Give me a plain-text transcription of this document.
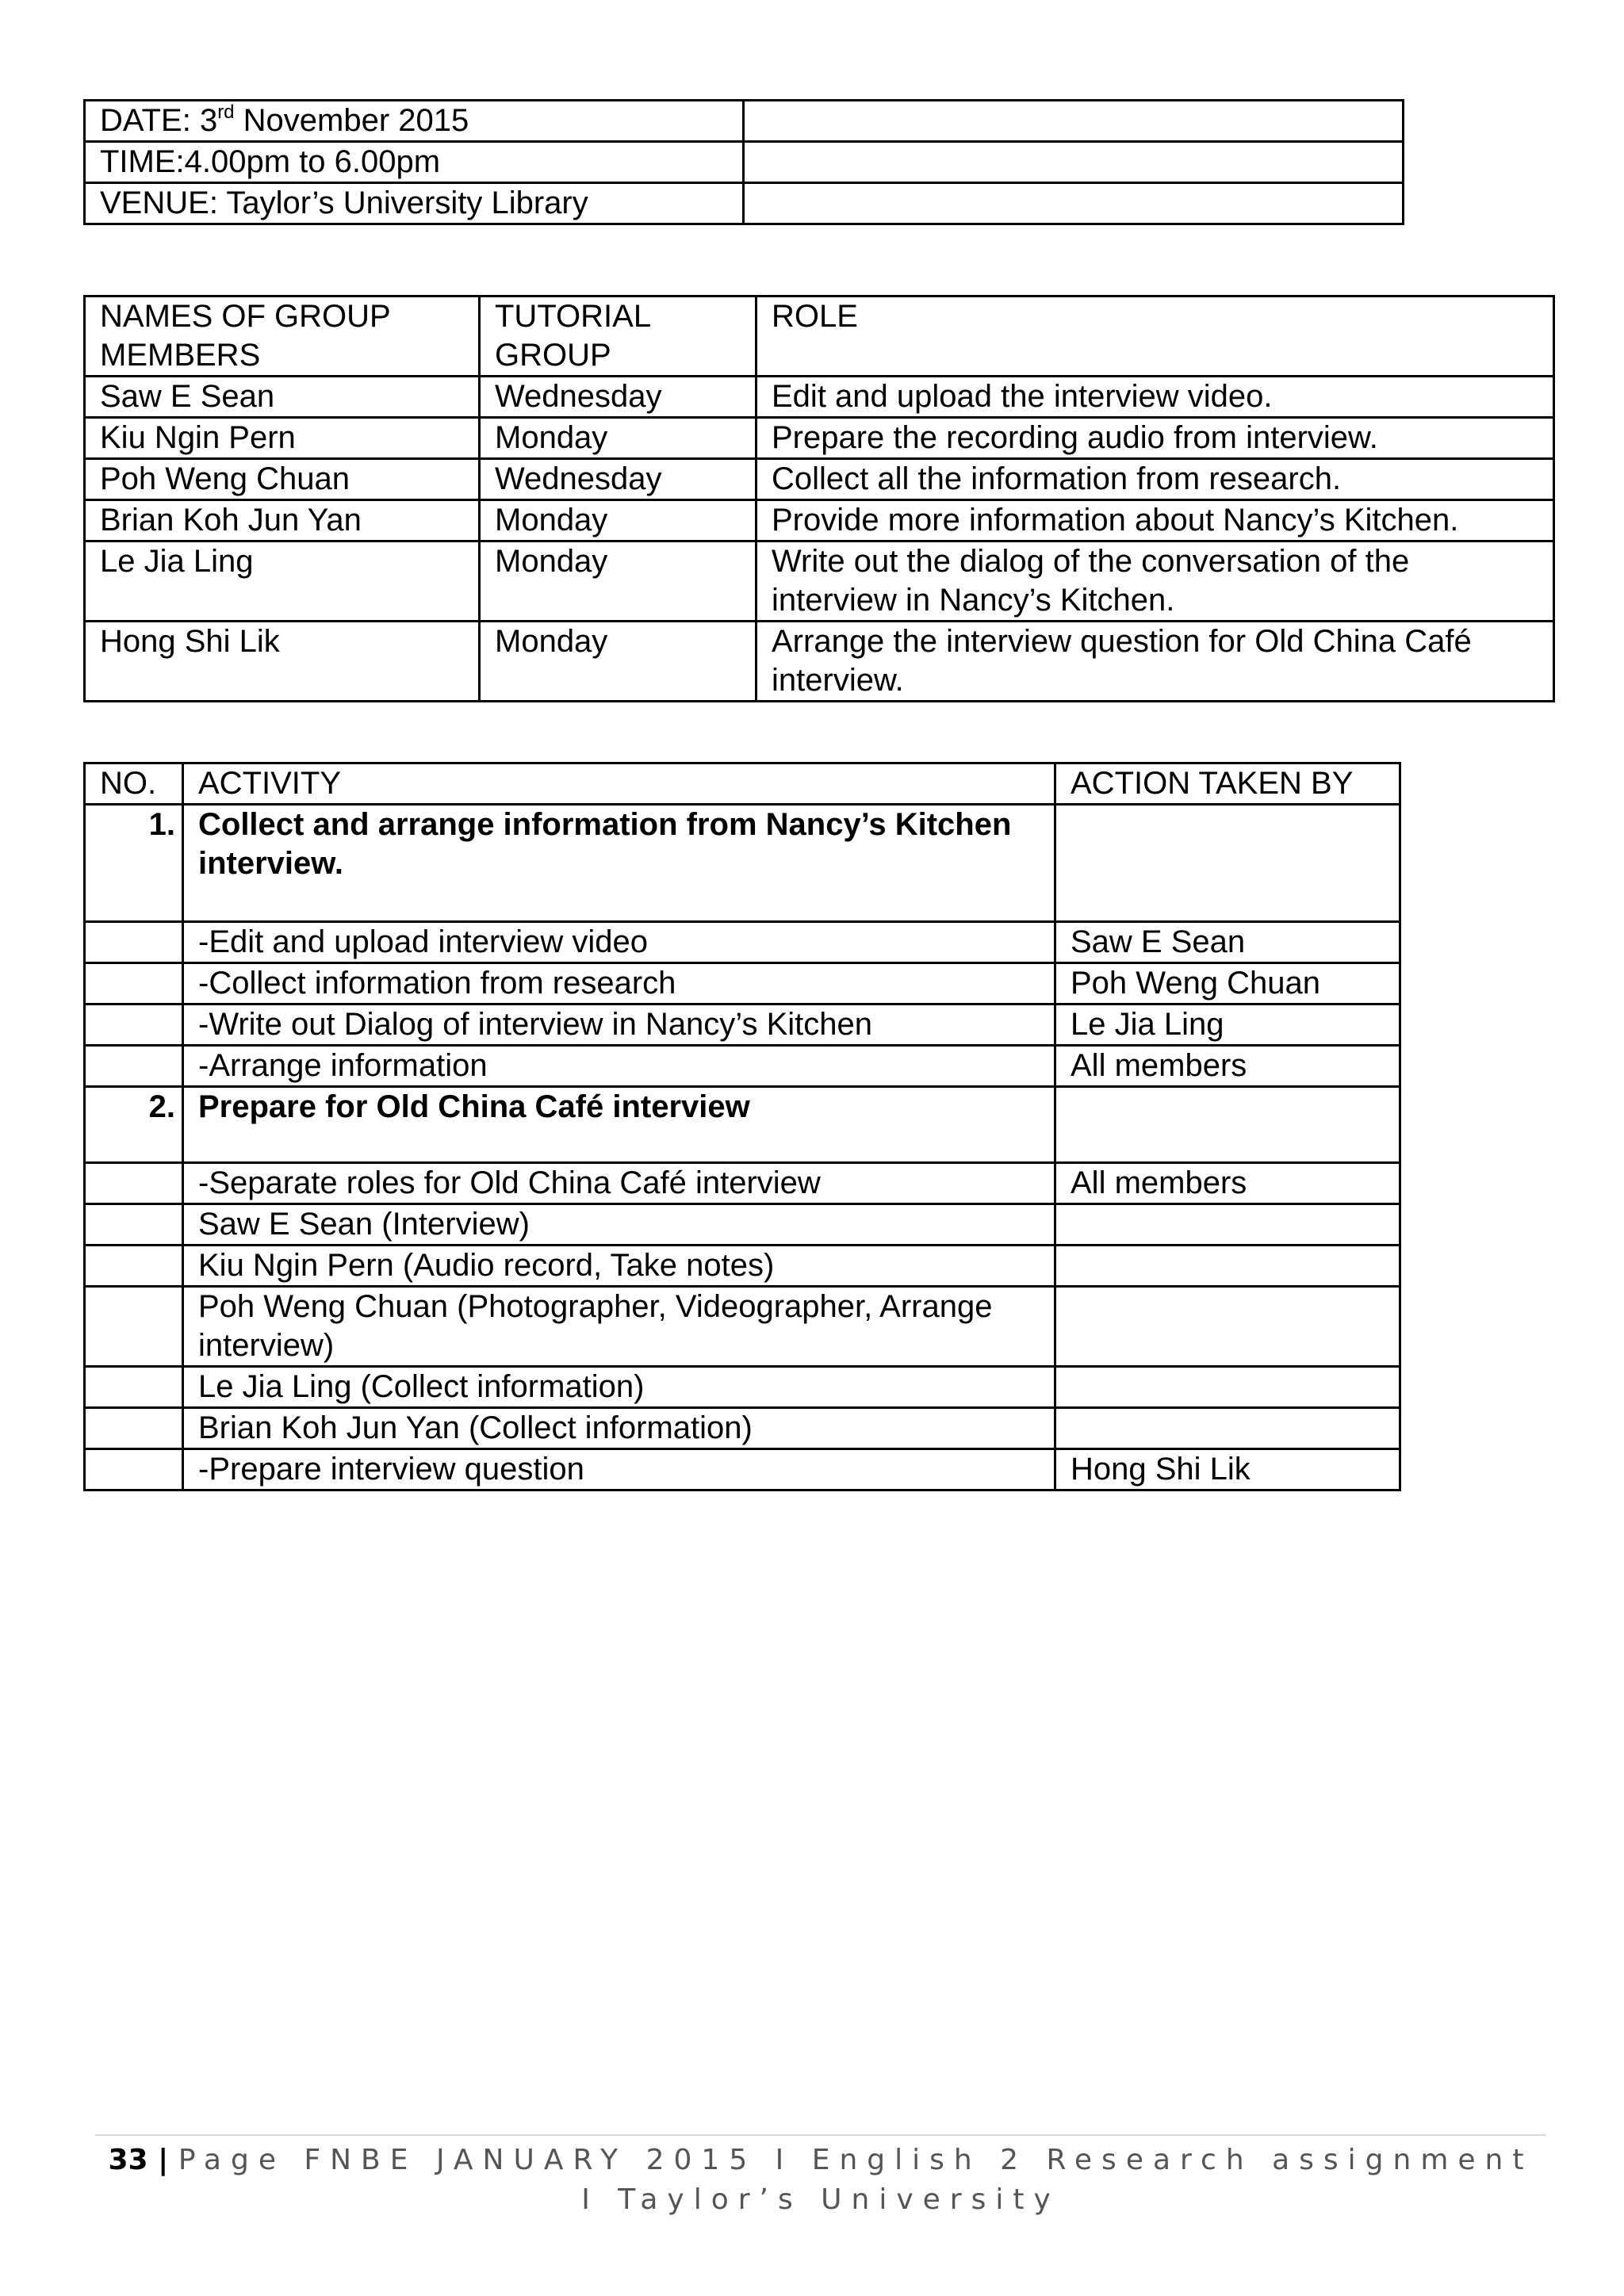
DATE: 3rd November 2015	
TIME:4.00pm to 6.00pm	
VENUE: Taylor’s University Library	
NAMES OF GROUP MEMBERS	TUTORIAL GROUP	ROLE
Saw E Sean	Wednesday	Edit and upload the interview video.
Kiu Ngin Pern	Monday	Prepare the recording audio from interview.
Poh Weng Chuan	Wednesday	Collect all the information from research.
Brian Koh Jun Yan	Monday	Provide more information about Nancy’s Kitchen.
Le Jia Ling	Monday	Write out the dialog of the conversation of the interview in Nancy’s Kitchen.
Hong Shi Lik	Monday	Arrange the interview question for Old China Café interview.
NO.	ACTIVITY	ACTION TAKEN BY
1.	Collect and arrange information from Nancy’s Kitchen interview.	
	-Edit and upload interview video	Saw E Sean
	-Collect information from research	Poh Weng Chuan
	-Write out Dialog of interview in Nancy’s Kitchen	Le Jia Ling
	-Arrange information	All members
2.	Prepare for Old China Café interview	
	-Separate roles for Old China Café interview	All members
	Saw E Sean (Interview)	
	Kiu Ngin Pern (Audio record, Take notes)	
	Poh Weng Chuan (Photographer, Videographer, Arrange interview)	
	Le Jia Ling (Collect information)	
	Brian Koh Jun Yan (Collect information)	
	-Prepare interview question	Hong Shi Lik
33 | Page FNBE JANUARY 2015 I English 2 Research assignment
I Taylor’s University
